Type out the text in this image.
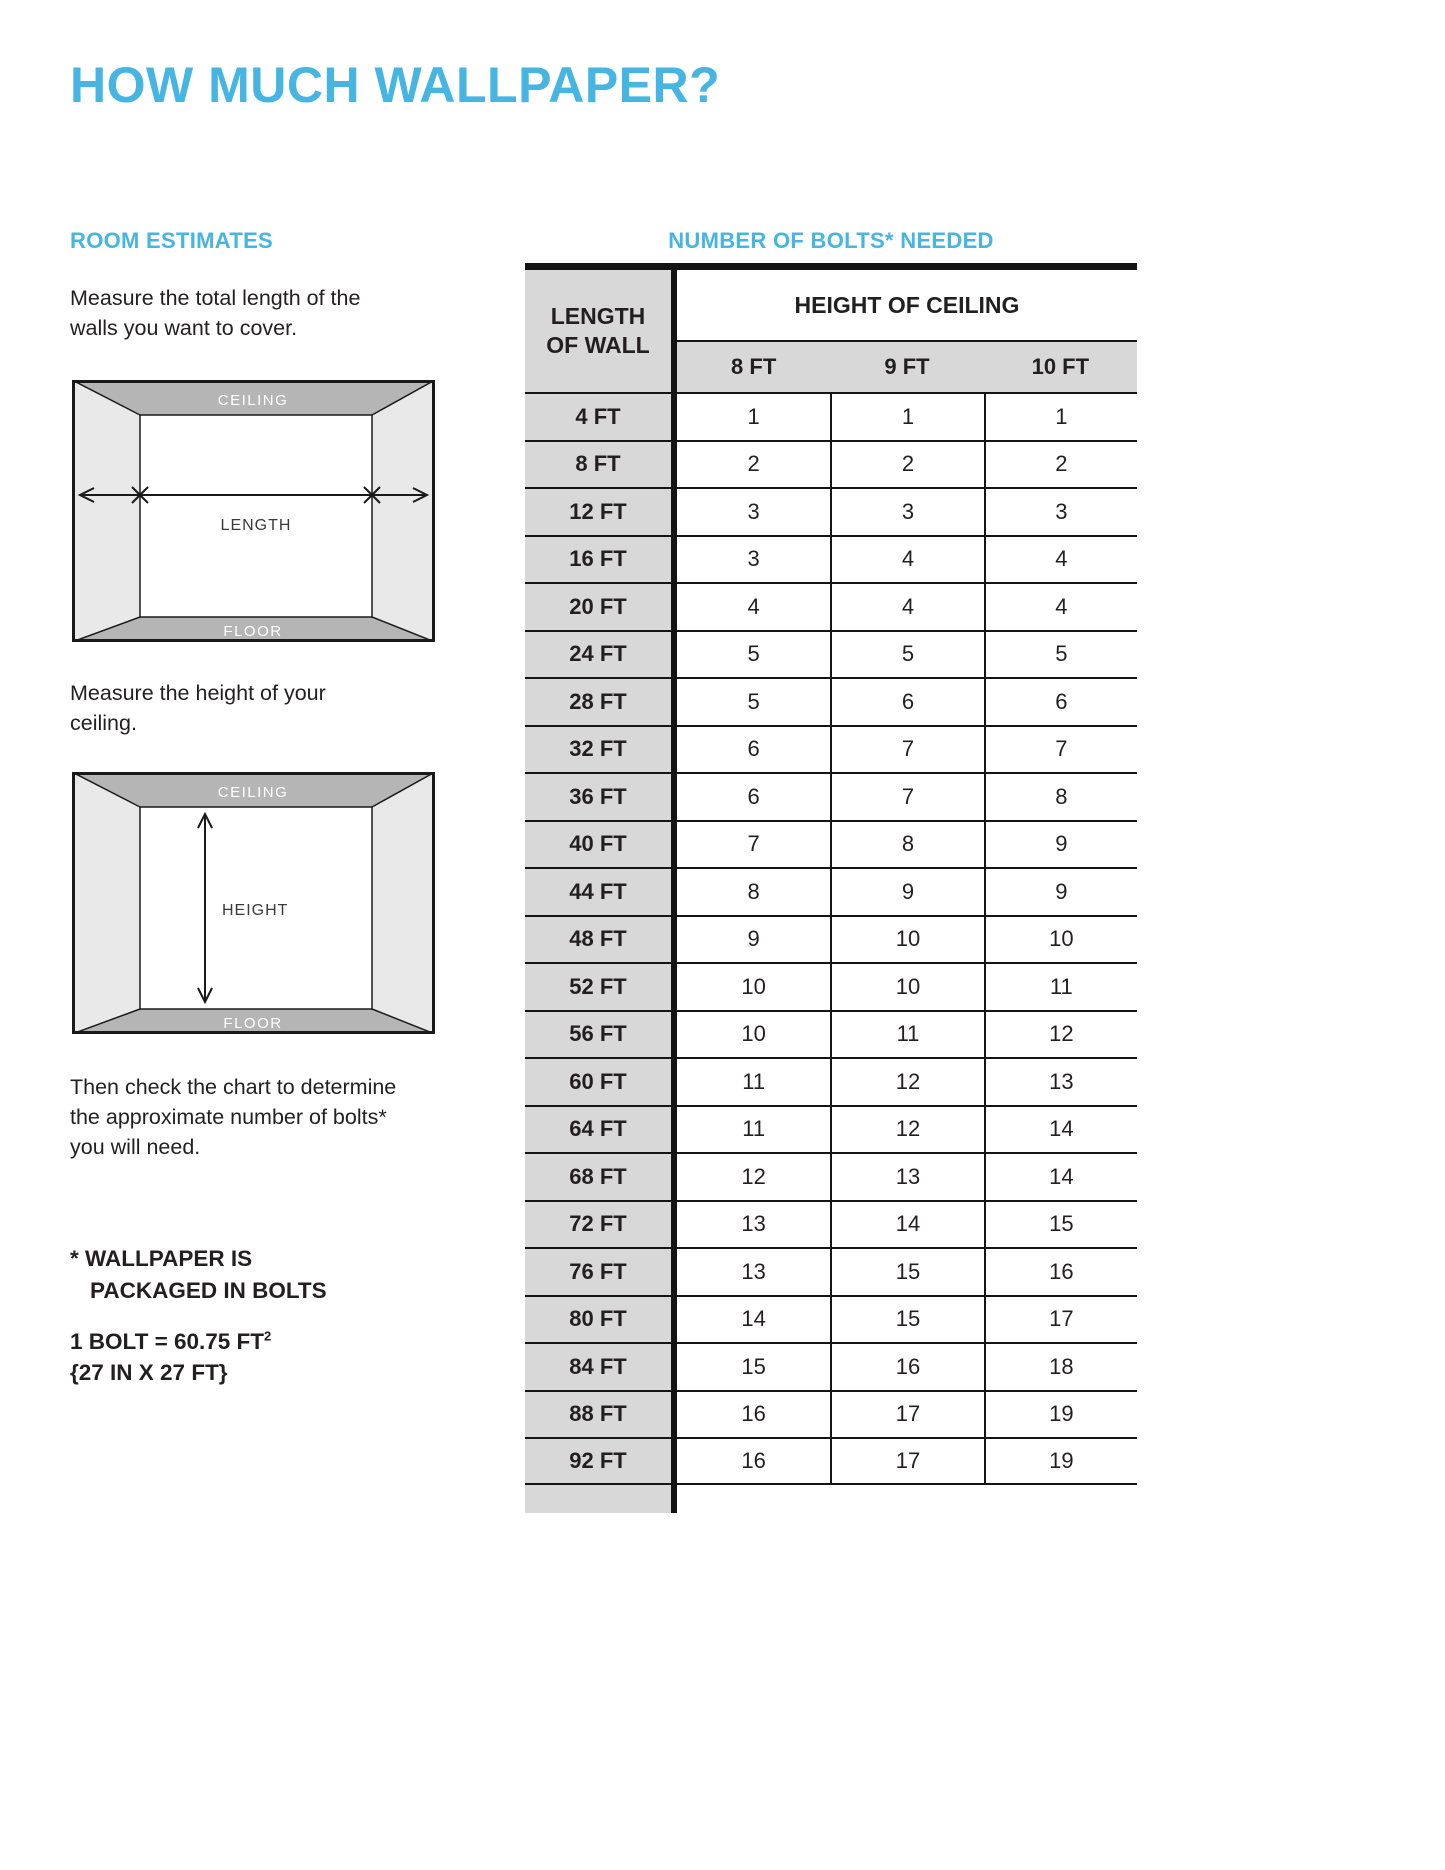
HOW MUCH WALLPAPER?
ROOM ESTIMATES
Measure the total length of the walls you want to cover.
CEILING
FLOOR
LENGTH
Measure the height of your ceiling.
CEILING
FLOOR
HEIGHT
Then check the chart to determine the approximate number of bolts* you will need.
* WALLPAPER IS
PACKAGED IN BOLTS
1 BOLT = 60.75 $FT^2$
{27 IN X 27 FT}
NUMBER OF BOLTS* NEEDED
LENGTH
OF WALL
HEIGHT OF CEILING
8 FT	9 FT	10 FT
4 FT	1	1	1
8 FT	2	2	2
12 FT	3	3	3
16 FT	3	4	4
20 FT	4	4	4
24 FT	5	5	5
28 FT	5	6	6
32 FT	6	7	7
36 FT	6	7	8
40 FT	7	8	9
44 FT	8	9	9
48 FT	9	10	10
52 FT	10	10	11
56 FT	10	11	12
60 FT	11	12	13
64 FT	11	12	14
68 FT	12	13	14
72 FT	13	14	15
76 FT	13	15	16
80 FT	14	15	17
84 FT	15	16	18
88 FT	16	17	19
92 FT	16	17	19
